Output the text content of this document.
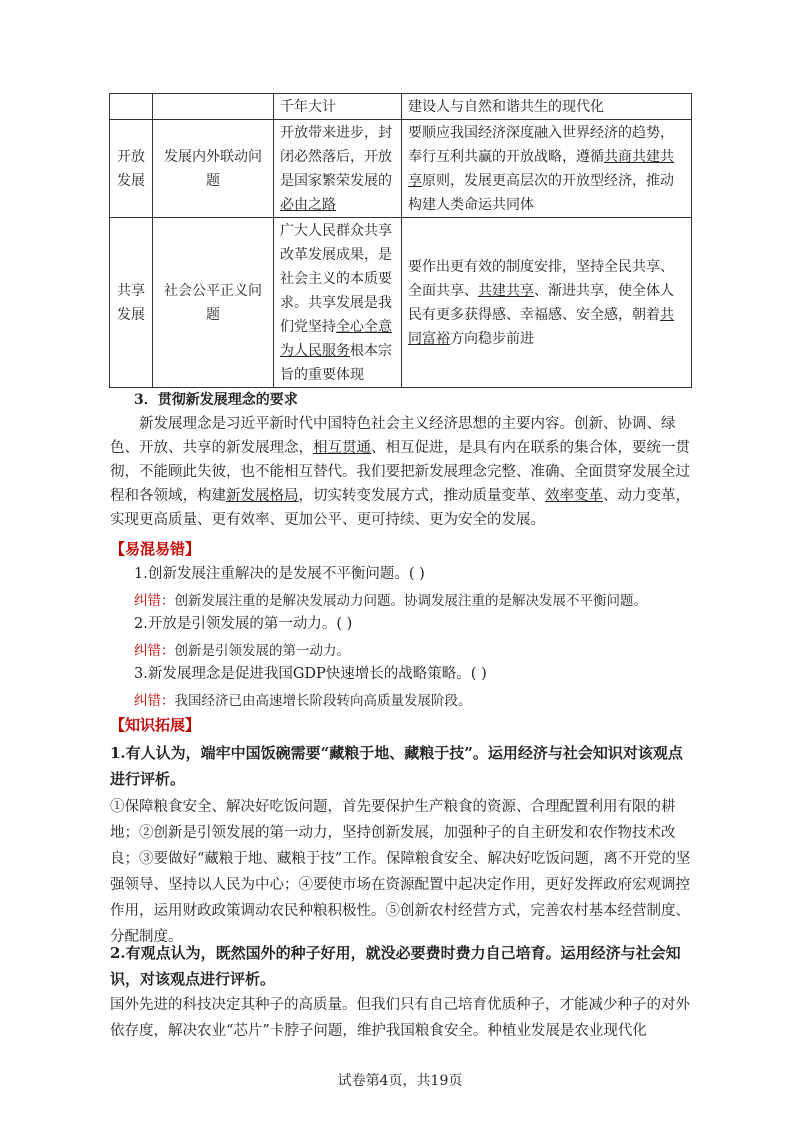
		千年大计	建设人与自然和谐共生的现代化
开放发展	发展内外联动问题	开放带来进步，封闭必然落后，开放是国家繁荣发展的必由之路	要顺应我国经济深度融入世界经济的趋势，奉行互利共赢的开放战略，遵循共商共建共享原则，发展更高层次的开放型经济，推动构建人类命运共同体

共享发展	社会公平正义问题	广大人民群众共享改革发展成果，是社会主义的本质要求。共享发展是我们党坚持全心全意为人民服务根本宗旨的重要体现	要作出更有效的制度安排，坚持全民共享、全面共享、共建共享、渐进共享，使全体人民有更多获得感、幸福感、安全感，朝着共同富裕方向稳步前进

3．贯彻新发展理念的要求
新发展理念是习近平新时代中国特色社会主义经济思想的主要内容。创新、协调、绿色、开放、共享的新发展理念，相互贯通、相互促进，是具有内在联系的集合体，要统一贯彻，不能顾此失彼，也不能相互替代。我们要把新发展理念完整、准确、全面贯穿发展全过程和各领域，构建新发展格局，切实转变发展方式，推动质量变革、效率变革、动力变革，实现更高质量、更有效率、更加公平、更可持续、更为安全的发展。
【易混易错】
1.创新发展注重解决的是发展不平衡问题。( )
纠错：创新发展注重的是解决发展动力问题。协调发展注重的是解决发展不平衡问题。
2.开放是引领发展的第一动力。( )
纠错：创新是引领发展的第一动力。
3.新发展理念是促进我国GDP快速增长的战略策略。( )
纠错：我国经济已由高速增长阶段转向高质量发展阶段。
【知识拓展】
1.有人认为，端牢中国饭碗需要“藏粮于地、藏粮于技”。运用经济与社会知识对该观点进行评析。
①保障粮食安全、解决好吃饭问题，首先要保护生产粮食的资源、合理配置利用有限的耕地；②创新是引领发展的第一动力，坚持创新发展，加强种子的自主研发和农作物技术改良；③要做好“藏粮于地、藏粮于技”工作。保障粮食安全、解决好吃饭问题，离不开党的坚强领导、坚持以人民为中心；④要使市场在资源配置中起决定作用，更好发挥政府宏观调控作用，运用财政政策调动农民种粮积极性。⑤创新农村经营方式，完善农村基本经营制度、分配制度。
2.有观点认为，既然国外的种子好用，就没必要费时费力自己培育。运用经济与社会知识，对该观点进行评析。
国外先进的科技决定其种子的高质量。但我们只有自己培育优质种子，才能减少种子的对外依存度，解决农业“芯片”卡脖子问题，维护我国粮食安全。种植业发展是农业现代化
试卷第4页，共19页
